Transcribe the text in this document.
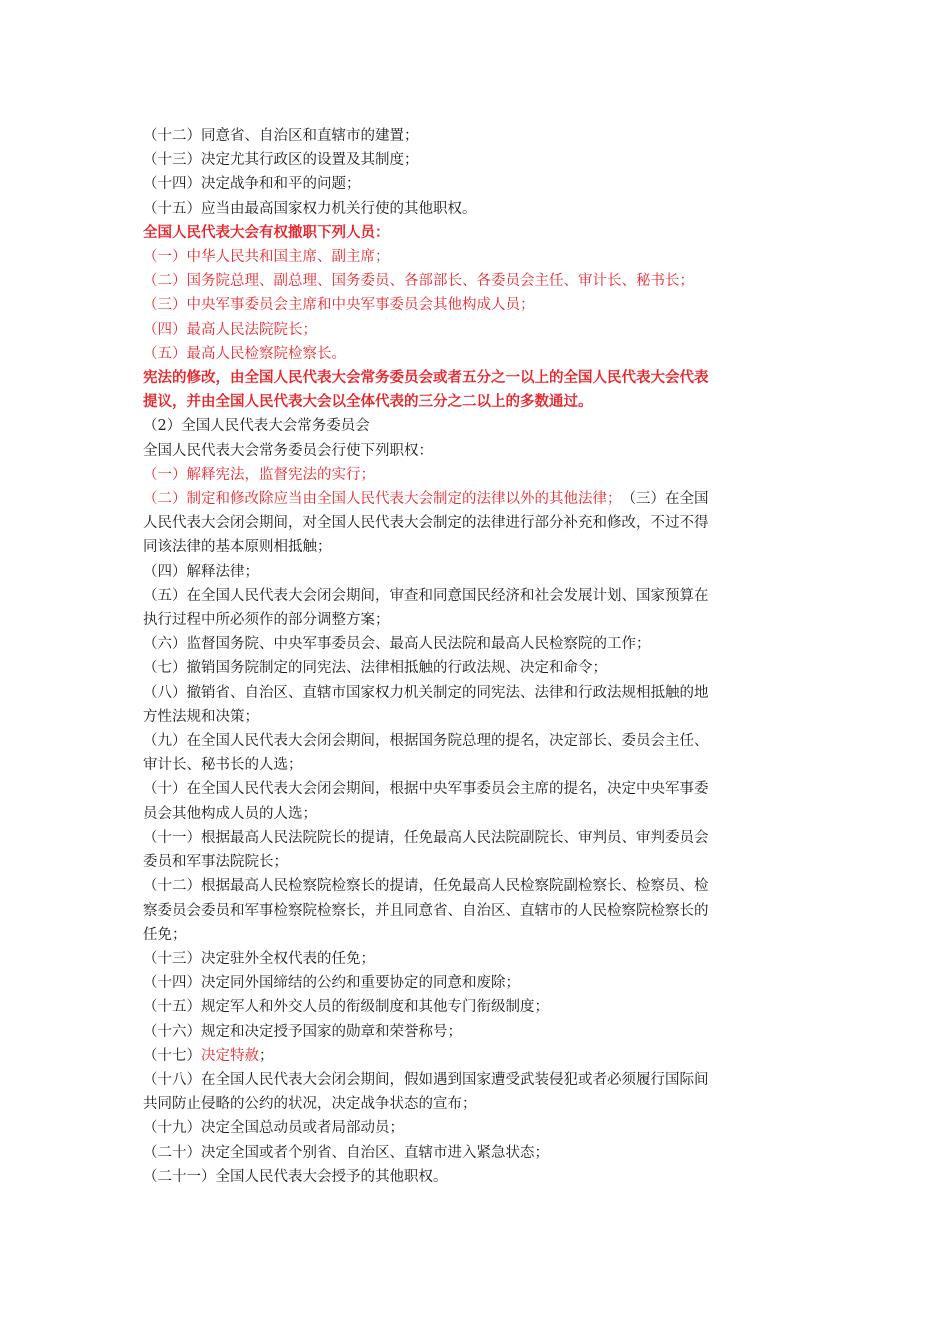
（十二）同意省、自治区和直辖市的建置；
（十三）决定尤其行政区的设置及其制度；
（十四）决定战争和和平的问题；
（十五）应当由最高国家权力机关行使的其他职权。
全国人民代表大会有权撤职下列人员：
（一）中华人民共和国主席、副主席；
（二）国务院总理、副总理、国务委员、各部部长、各委员会主任、审计长、秘书长；
（三）中央军事委员会主席和中央军事委员会其他构成人员；
（四）最高人民法院院长；
（五）最高人民检察院检察长。
宪法的修改，由全国人民代表大会常务委员会或者五分之一以上的全国人民代表大会代表
提议，并由全国人民代表大会以全体代表的三分之二以上的多数通过。
（2）全国人民代表大会常务委员会
全国人民代表大会常务委员会行使下列职权：
（一）解释宪法，监督宪法的实行；
（二）制定和修改除应当由全国人民代表大会制定的法律以外的其他法律；　（三）在全国
人民代表大会闭会期间，对全国人民代表大会制定的法律进行部分补充和修改，不过不得
同该法律的基本原则相抵触；
（四）解释法律；
（五）在全国人民代表大会闭会期间，审查和同意国民经济和社会发展计划、国家预算在
执行过程中所必须作的部分调整方案；
（六）监督国务院、中央军事委员会、最高人民法院和最高人民检察院的工作；
（七）撤销国务院制定的同宪法、法律相抵触的行政法规、决定和命令；
（八）撤销省、自治区、直辖市国家权力机关制定的同宪法、法律和行政法规相抵触的地
方性法规和决策；
（九）在全国人民代表大会闭会期间，根据国务院总理的提名，决定部长、委员会主任、
审计长、秘书长的人选；
（十）在全国人民代表大会闭会期间，根据中央军事委员会主席的提名，决定中央军事委
员会其他构成人员的人选；
（十一）根据最高人民法院院长的提请，任免最高人民法院副院长、审判员、审判委员会
委员和军事法院院长；
（十二）根据最高人民检察院检察长的提请，任免最高人民检察院副检察长、检察员、检
察委员会委员和军事检察院检察长，并且同意省、自治区、直辖市的人民检察院检察长的
任免；
（十三）决定驻外全权代表的任免；
（十四）决定同外国缔结的公约和重要协定的同意和废除；
（十五）规定军人和外交人员的衔级制度和其他专门衔级制度；
（十六）规定和决定授予国家的勋章和荣誉称号；
（十七）决定特赦；
（十八）在全国人民代表大会闭会期间，假如遇到国家遭受武装侵犯或者必须履行国际间
共同防止侵略的公约的状况，决定战争状态的宣布；
（十九）决定全国总动员或者局部动员；
（二十）决定全国或者个别省、自治区、直辖市进入紧急状态；
（二十一）全国人民代表大会授予的其他职权。
